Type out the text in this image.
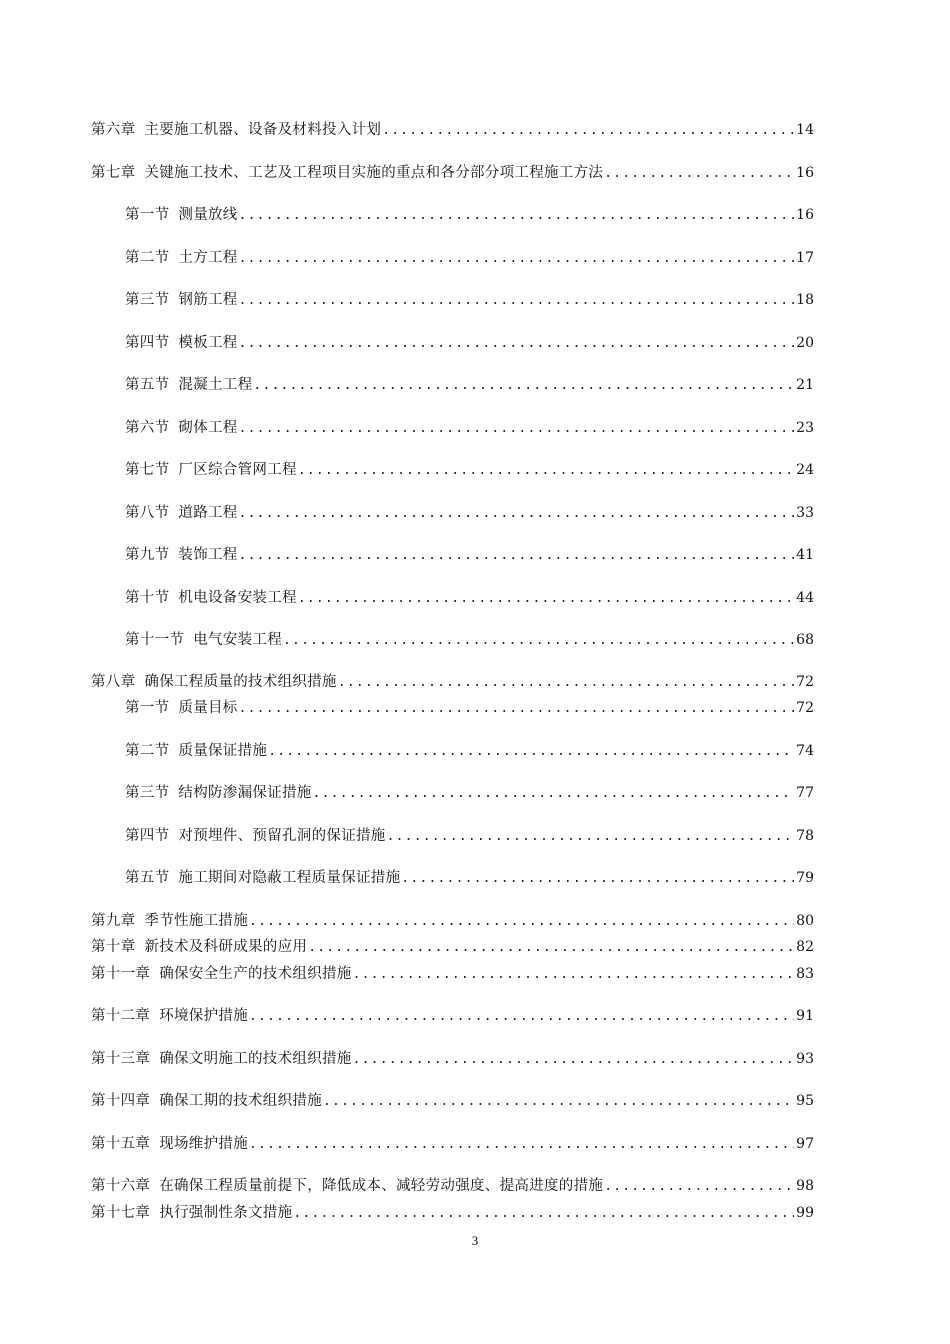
第六章 主要施工机器、设备及材料投入计划 .....	14
第七章 关键施工技术、工艺及工程项目实施的重点和各分部分项工程施工方法 .....	16
第一节 测量放线 .....	16
第二节 土方工程 .....	17
第三节 钢筋工程 .....	18
第四节 模板工程 .....	20
第五节 混凝土工程 .....	21
第六节 砌体工程 .....	23
第七节 厂区综合管网工程 .....	24
第八节 道路工程 .....	33
第九节 装饰工程 .....	41
第十节 机电设备安装工程 .....	44
第十一节 电气安装工程 .....	68
第八章 确保工程质量的技术组织措施 .....	72
第一节 质量目标 .....	72
第二节 质量保证措施 .....	74
第三节 结构防渗漏保证措施 .....	77
第四节 对预埋件、预留孔洞的保证措施 .....	78
第五节 施工期间对隐蔽工程质量保证措施 .....	79
第九章 季节性施工措施 .....	80
第十章 新技术及科研成果的应用 .....	82
第十一章 确保安全生产的技术组织措施 .....	83
第十二章 环境保护措施 .....	91
第十三章 确保文明施工的技术组织措施 .....	93
第十四章 确保工期的技术组织措施 .....	95
第十五章 现场维护措施 .....	97
第十六章 在确保工程质量前提下，降低成本、减轻劳动强度、提高进度的措施 .....	98
第十七章 执行强制性条文措施 .....	99
3
